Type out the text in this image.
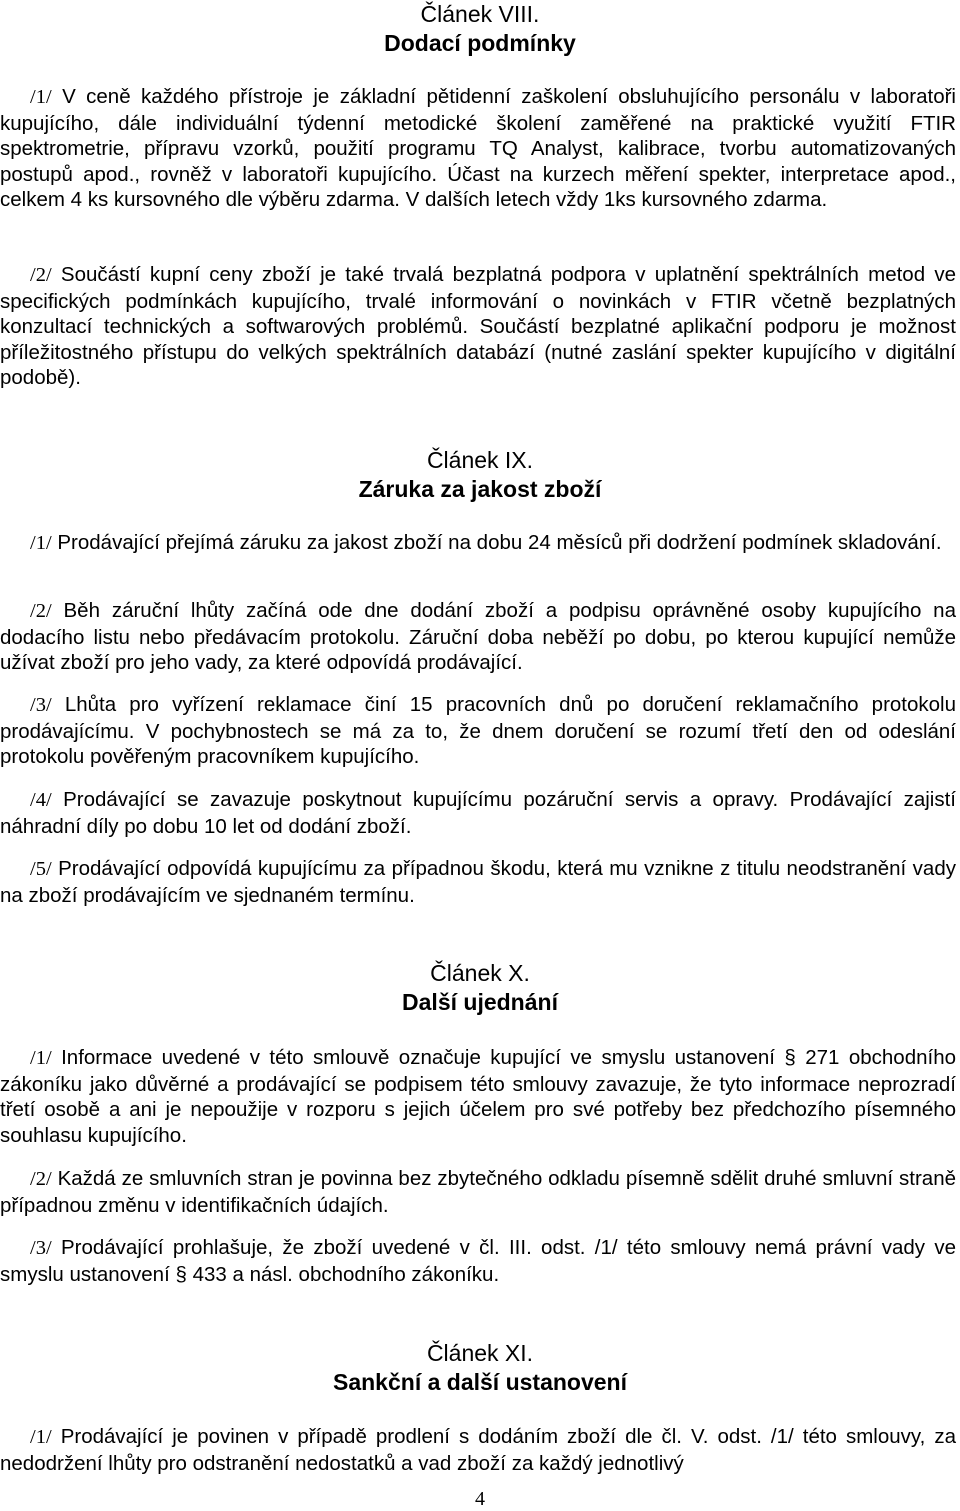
Článek VIII.
Dodací podmínky
/1/ V ceně každého přístroje je základní pětidenní zaškolení obsluhujícího personálu v laboratoři kupujícího, dále individuální týdenní metodické školení zaměřené na praktické využití FTIR spektrometrie, přípravu vzorků, použití programu TQ Analyst, kalibrace, tvorbu automatizovaných postupů apod., rovněž v laboratoři kupujícího. Účast na kurzech měření spekter, interpretace apod., celkem 4 ks kursovného dle výběru zdarma. V dalších letech vždy 1ks kursovného zdarma.
/2/ Součástí kupní ceny zboží je také trvalá bezplatná podpora v uplatnění spektrálních metod ve specifických podmínkách kupujícího, trvalé informování o novinkách v FTIR včetně bezplatných konzultací technických a softwarových problémů. Součástí bezplatné aplikační podporu je možnost příležitostného přístupu do velkých spektrálních databází (nutné zaslání spekter kupujícího v digitální podobě).
Článek IX.
Záruka za jakost zboží
/1/ Prodávající přejímá záruku za jakost zboží na dobu 24 měsíců při dodržení podmínek skladování.
/2/ Běh záruční lhůty začíná ode dne dodání zboží a podpisu oprávněné osoby kupujícího na dodacího listu nebo předávacím protokolu. Záruční doba neběží po dobu, po kterou kupující nemůže užívat zboží pro jeho vady, za které odpovídá prodávající.
/3/ Lhůta pro vyřízení reklamace činí 15 pracovních dnů po doručení reklamačního protokolu prodávajícímu. V pochybnostech se má za to, že dnem doručení se rozumí třetí den od odeslání protokolu pověřeným pracovníkem kupujícího.
/4/ Prodávající se zavazuje poskytnout kupujícímu pozáruční servis a opravy. Prodávající zajistí náhradní díly po dobu 10 let od dodání zboží.
/5/ Prodávající odpovídá kupujícímu za případnou škodu, která mu vznikne z titulu neodstranění vady na zboží prodávajícím ve sjednaném termínu.
Článek X.
Další ujednání
/1/ Informace uvedené v této smlouvě označuje kupující ve smyslu ustanovení § 271 obchodního zákoníku jako důvěrné a prodávající se podpisem této smlouvy zavazuje, že tyto informace neprozradí třetí osobě a ani je nepoužije v rozporu s jejich účelem pro své potřeby bez předchozího písemného souhlasu kupujícího.
/2/ Každá ze smluvních stran je povinna bez zbytečného odkladu písemně sdělit druhé smluvní straně případnou změnu v identifikačních údajích.
/3/ Prodávající prohlašuje, že zboží uvedené v čl. III. odst. /1/ této smlouvy nemá právní vady ve smyslu ustanovení § 433 a násl. obchodního zákoníku.
Článek XI.
Sankční a další ustanovení
/1/ Prodávající je povinen v případě prodlení s dodáním zboží dle čl. V. odst. /1/ této smlouvy, za nedodržení lhůty pro odstranění nedostatků a vad zboží za každý jednotlivý
4
